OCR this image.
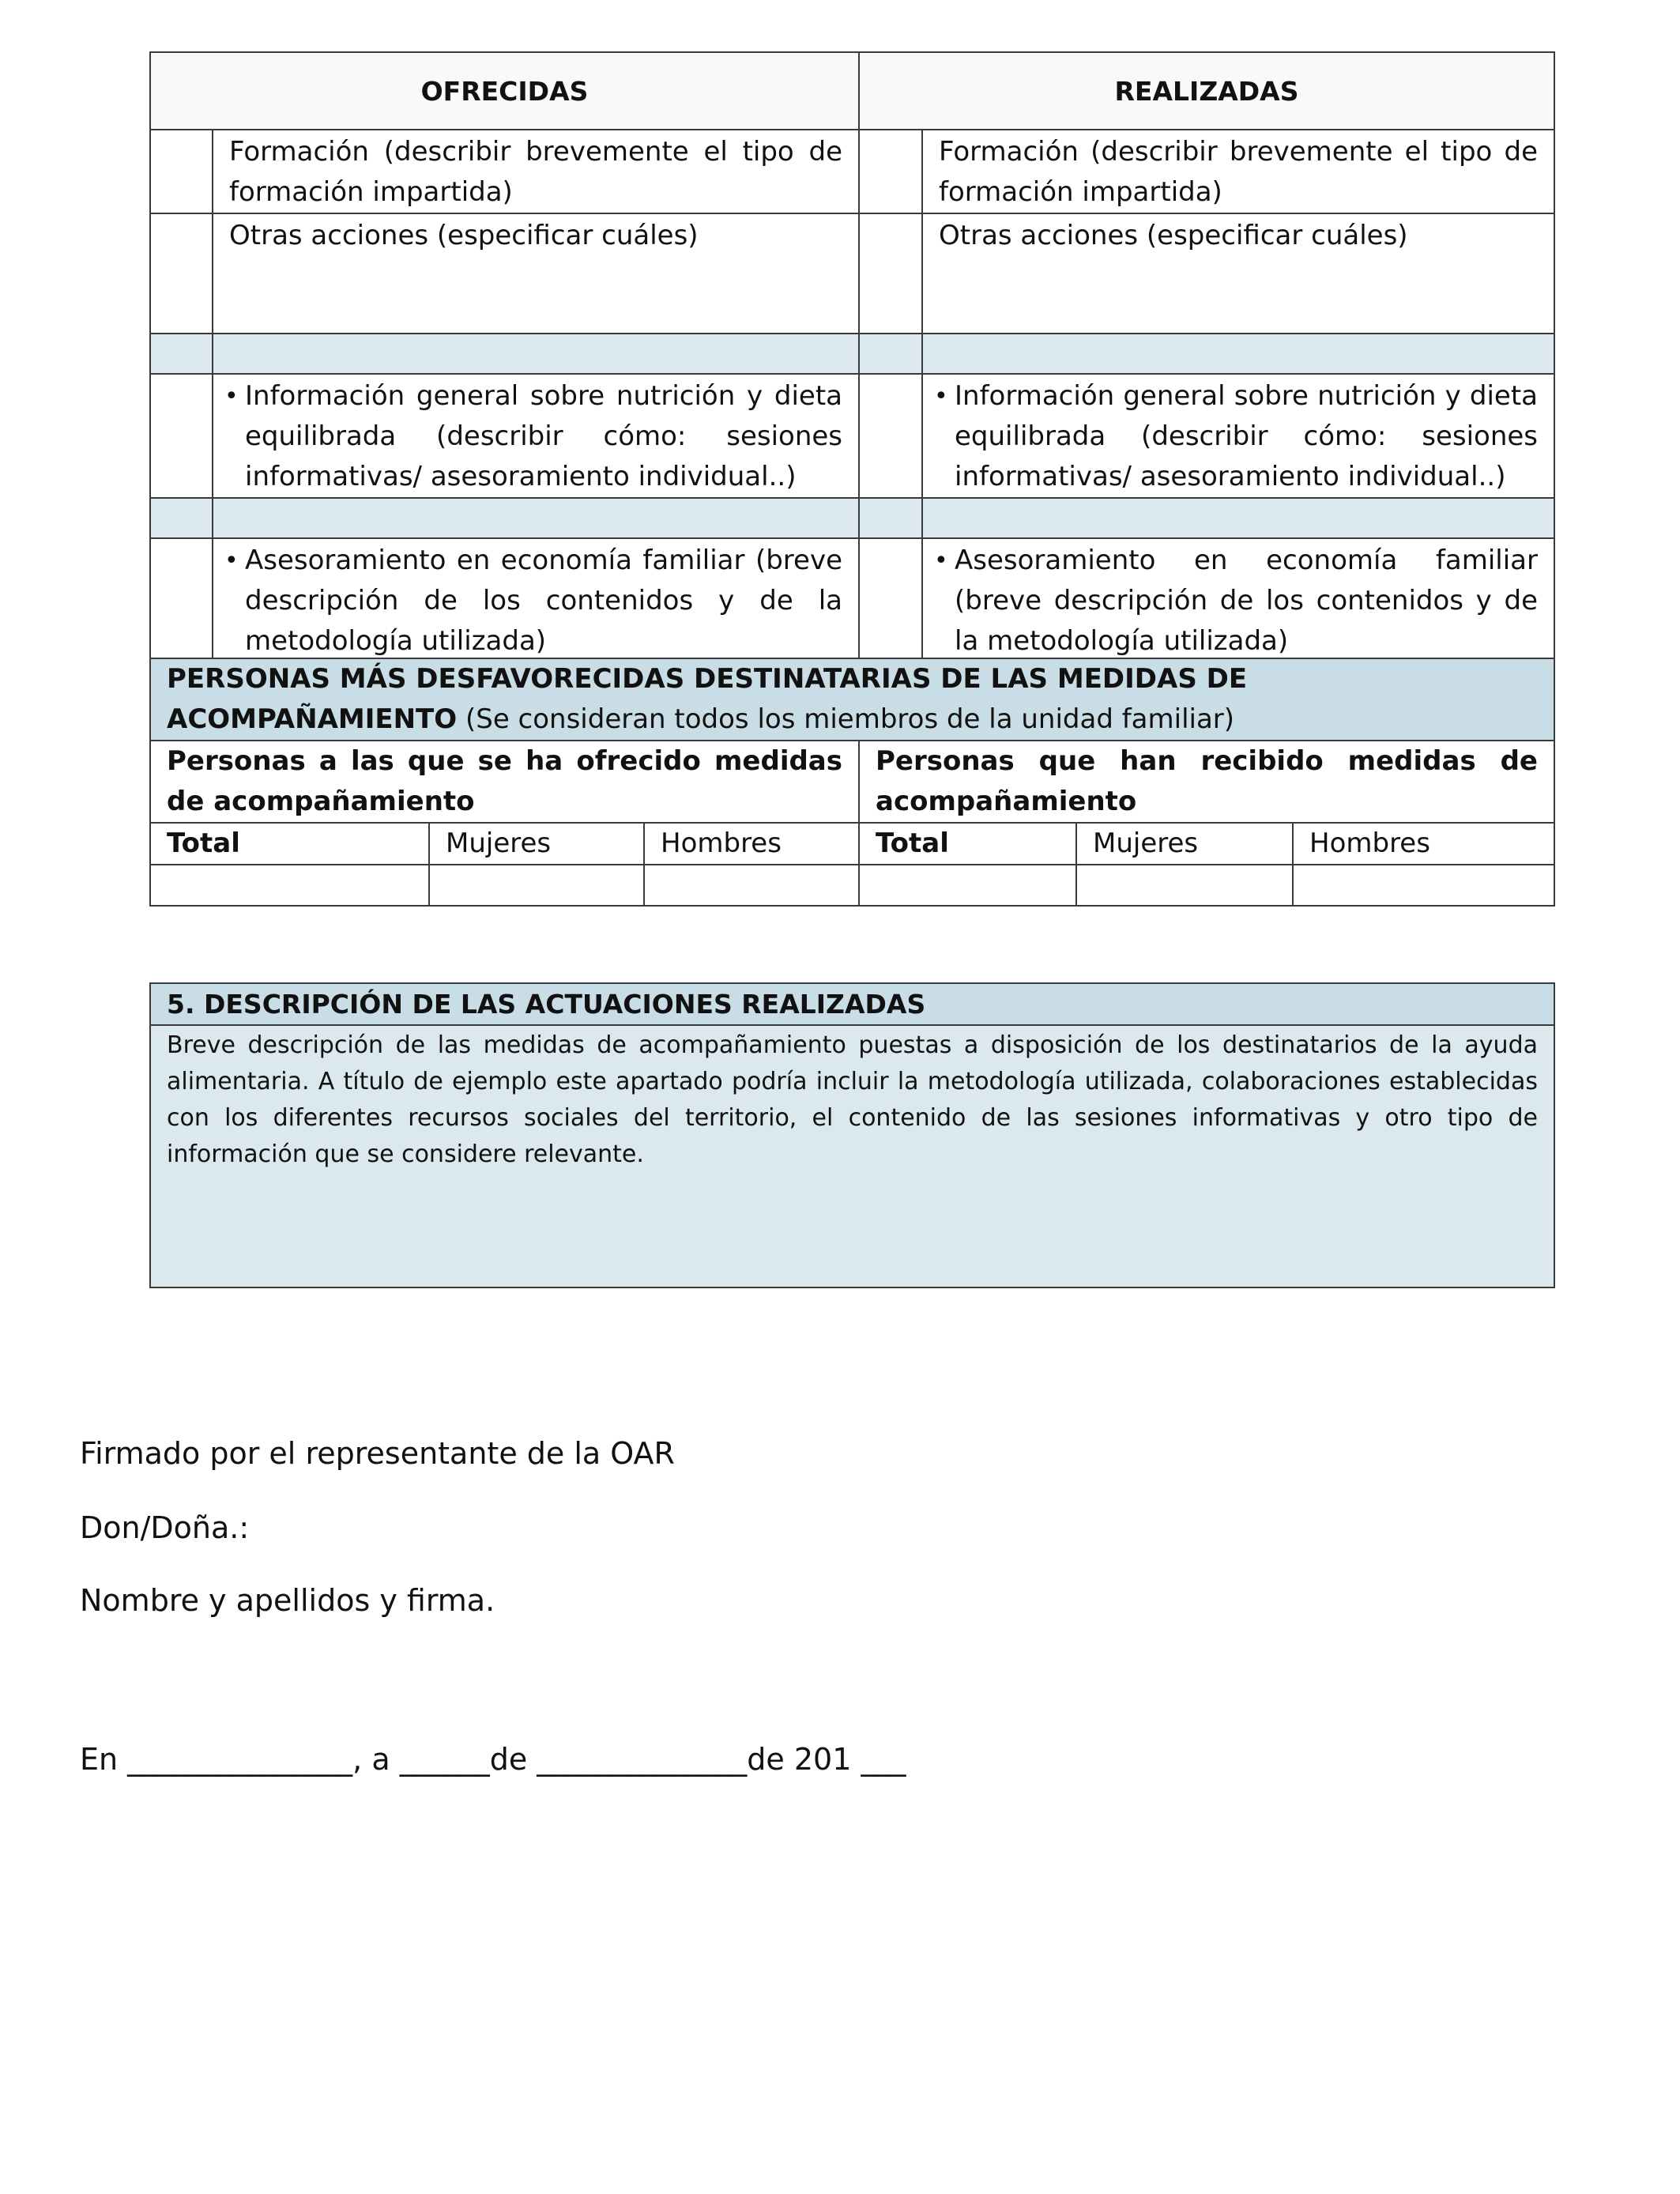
OFRECIDAS		REALIZADAS	
	Formación (describir brevemente el tipo de formación impartida)		Formación (describir brevemente el tipo de formación impartida)
	Otras acciones (especificar cuáles)		Otras acciones (especificar cuáles)

	• Información general sobre nutrición y dieta equilibrada (describir cómo: sesiones informativas/ asesoramiento individual..)		• Información general sobre nutrición y dieta equilibrada (describir cómo: sesiones informativas/ asesoramiento individual..)

	• Asesoramiento en economía familiar (breve descripción de los contenidos y de la metodología utilizada)		• Asesoramiento en economía familiar (breve descripción de los contenidos y de la metodología utilizada)
PERSONAS MÁS DESFAVORECIDAS DESTINATARIAS DE LAS MEDIDAS DE ACOMPAÑAMIENTO (Se consideran todos los miembros de la unidad familiar)					
Personas a las que se ha ofrecido medidas de acompañamiento			Personas que han recibido medidas de acompañamiento		
Total	Mujeres	Hombres	Total	Mujeres	Hombres

5. DESCRIPCIÓN DE LAS ACTUACIONES REALIZADAS
Breve descripción de las medidas de acompañamiento puestas a disposición de los destinatarios de la ayuda alimentaria. A título de ejemplo este apartado podría incluir la metodología utilizada, colaboraciones establecidas con los diferentes recursos sociales del territorio, el contenido de las sesiones informativas y otro tipo de información que se considere relevante.
Firmado por el representante de la OAR
Don/Doña.:
Nombre y apellidos y firma.
En _______________, a ______de ______________de 201 ___
